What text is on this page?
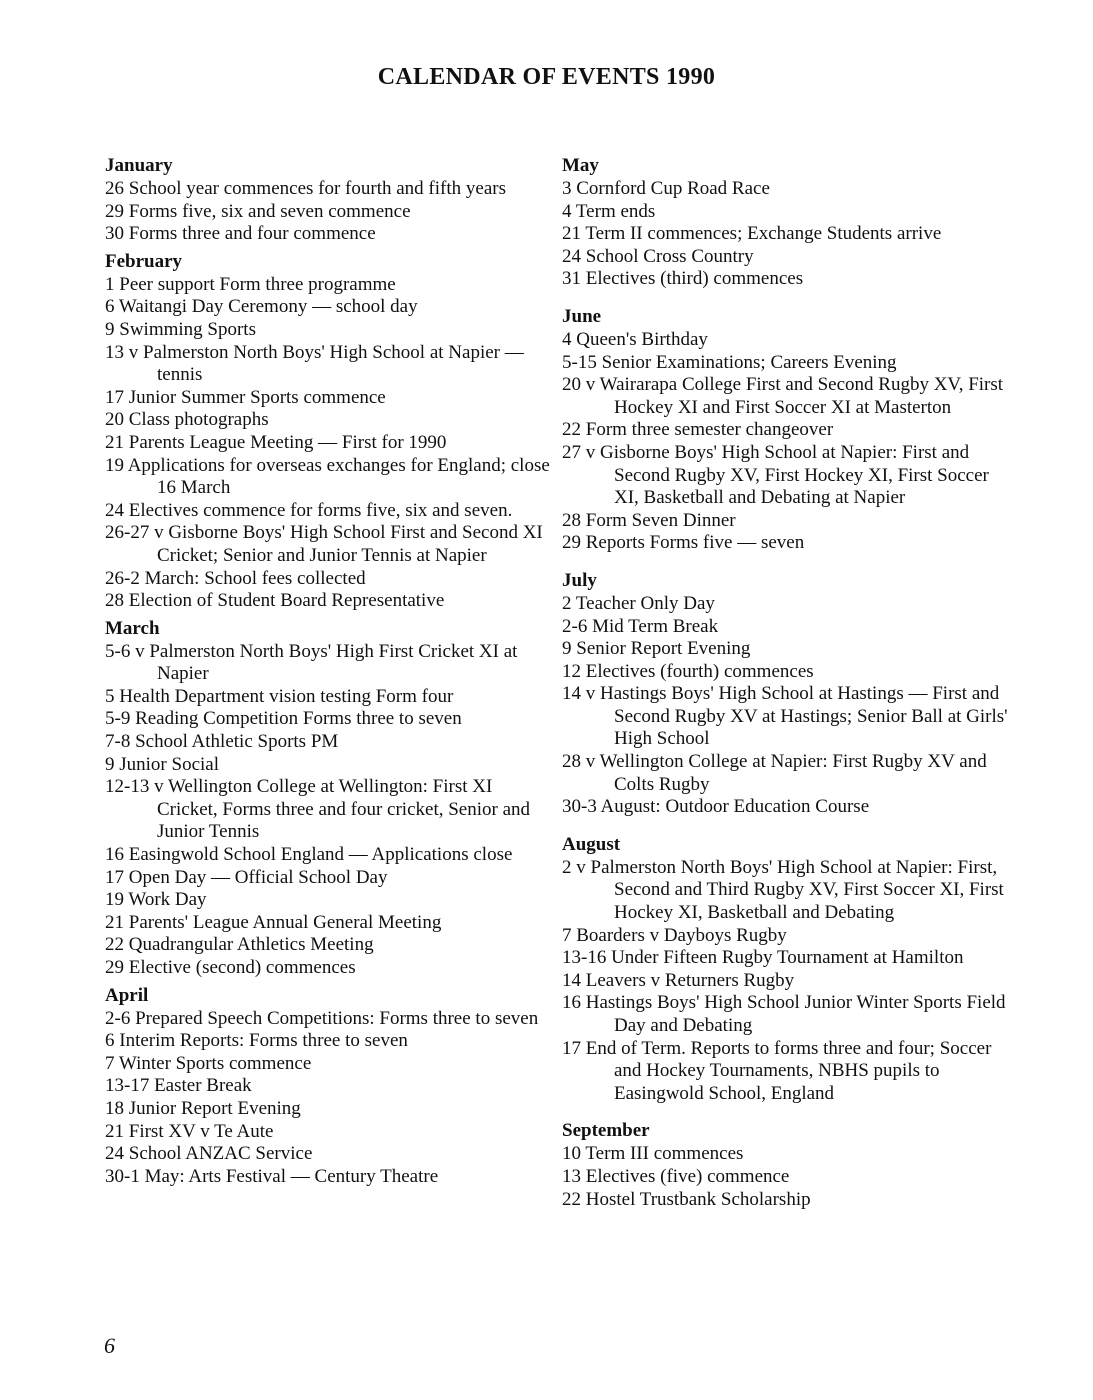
CALENDAR OF EVENTS 1990
January
26 School year commences for fourth and fifth years
29 Forms five, six and seven commence
30 Forms three and four commence
February
1 Peer support Form three programme
6 Waitangi Day Ceremony — school day
9 Swimming Sports
13 v Palmerston North Boys' High School at Napier — tennis
17 Junior Summer Sports commence
20 Class photographs
21 Parents League Meeting — First for 1990
19 Applications for overseas exchanges for England; close 16 March
24 Electives commence for forms five, six and seven.
26-27 v Gisborne Boys' High School First and Second XI Cricket; Senior and Junior Tennis at Napier
26-2 March: School fees collected
28 Election of Student Board Representative
March
5-6 v Palmerston North Boys' High First Cricket XI at Napier
5 Health Department vision testing Form four
5-9 Reading Competition Forms three to seven
7-8 School Athletic Sports PM
9 Junior Social
12-13 v Wellington College at Wellington: First XI Cricket, Forms three and four cricket, Senior and Junior Tennis
16 Easingwold School England — Applications close
17 Open Day — Official School Day
19 Work Day
21 Parents' League Annual General Meeting
22 Quadrangular Athletics Meeting
29 Elective (second) commences
April
2-6 Prepared Speech Competitions: Forms three to seven
6 Interim Reports: Forms three to seven
7 Winter Sports commence
13-17 Easter Break
18 Junior Report Evening
21 First XV v Te Aute
24 School ANZAC Service
30-1 May: Arts Festival — Century Theatre
May
3 Cornford Cup Road Race
4 Term ends
21 Term II commences; Exchange Students arrive
24 School Cross Country
31 Electives (third) commences
June
4 Queen's Birthday
5-15 Senior Examinations; Careers Evening
20 v Wairarapa College First and Second Rugby XV, First Hockey XI and First Soccer XI at Masterton
22 Form three semester changeover
27 v Gisborne Boys' High School at Napier: First and Second Rugby XV, First Hockey XI, First Soccer XI, Basketball and Debating at Napier
28 Form Seven Dinner
29 Reports Forms five — seven
July
2 Teacher Only Day
2-6 Mid Term Break
9 Senior Report Evening
12 Electives (fourth) commences
14 v Hastings Boys' High School at Hastings — First and Second Rugby XV at Hastings; Senior Ball at Girls' High School
28 v Wellington College at Napier: First Rugby XV and Colts Rugby
30-3 August: Outdoor Education Course
August
2 v Palmerston North Boys' High School at Napier: First, Second and Third Rugby XV, First Soccer XI, First Hockey XI, Basketball and Debating
7 Boarders v Dayboys Rugby
13-16 Under Fifteen Rugby Tournament at Hamilton
14 Leavers v Returners Rugby
16 Hastings Boys' High School Junior Winter Sports Field Day and Debating
17 End of Term. Reports to forms three and four; Soccer and Hockey Tournaments, NBHS pupils to Easingwold School, England
September
10 Term III commences
13 Electives (five) commence
22 Hostel Trustbank Scholarship
6
